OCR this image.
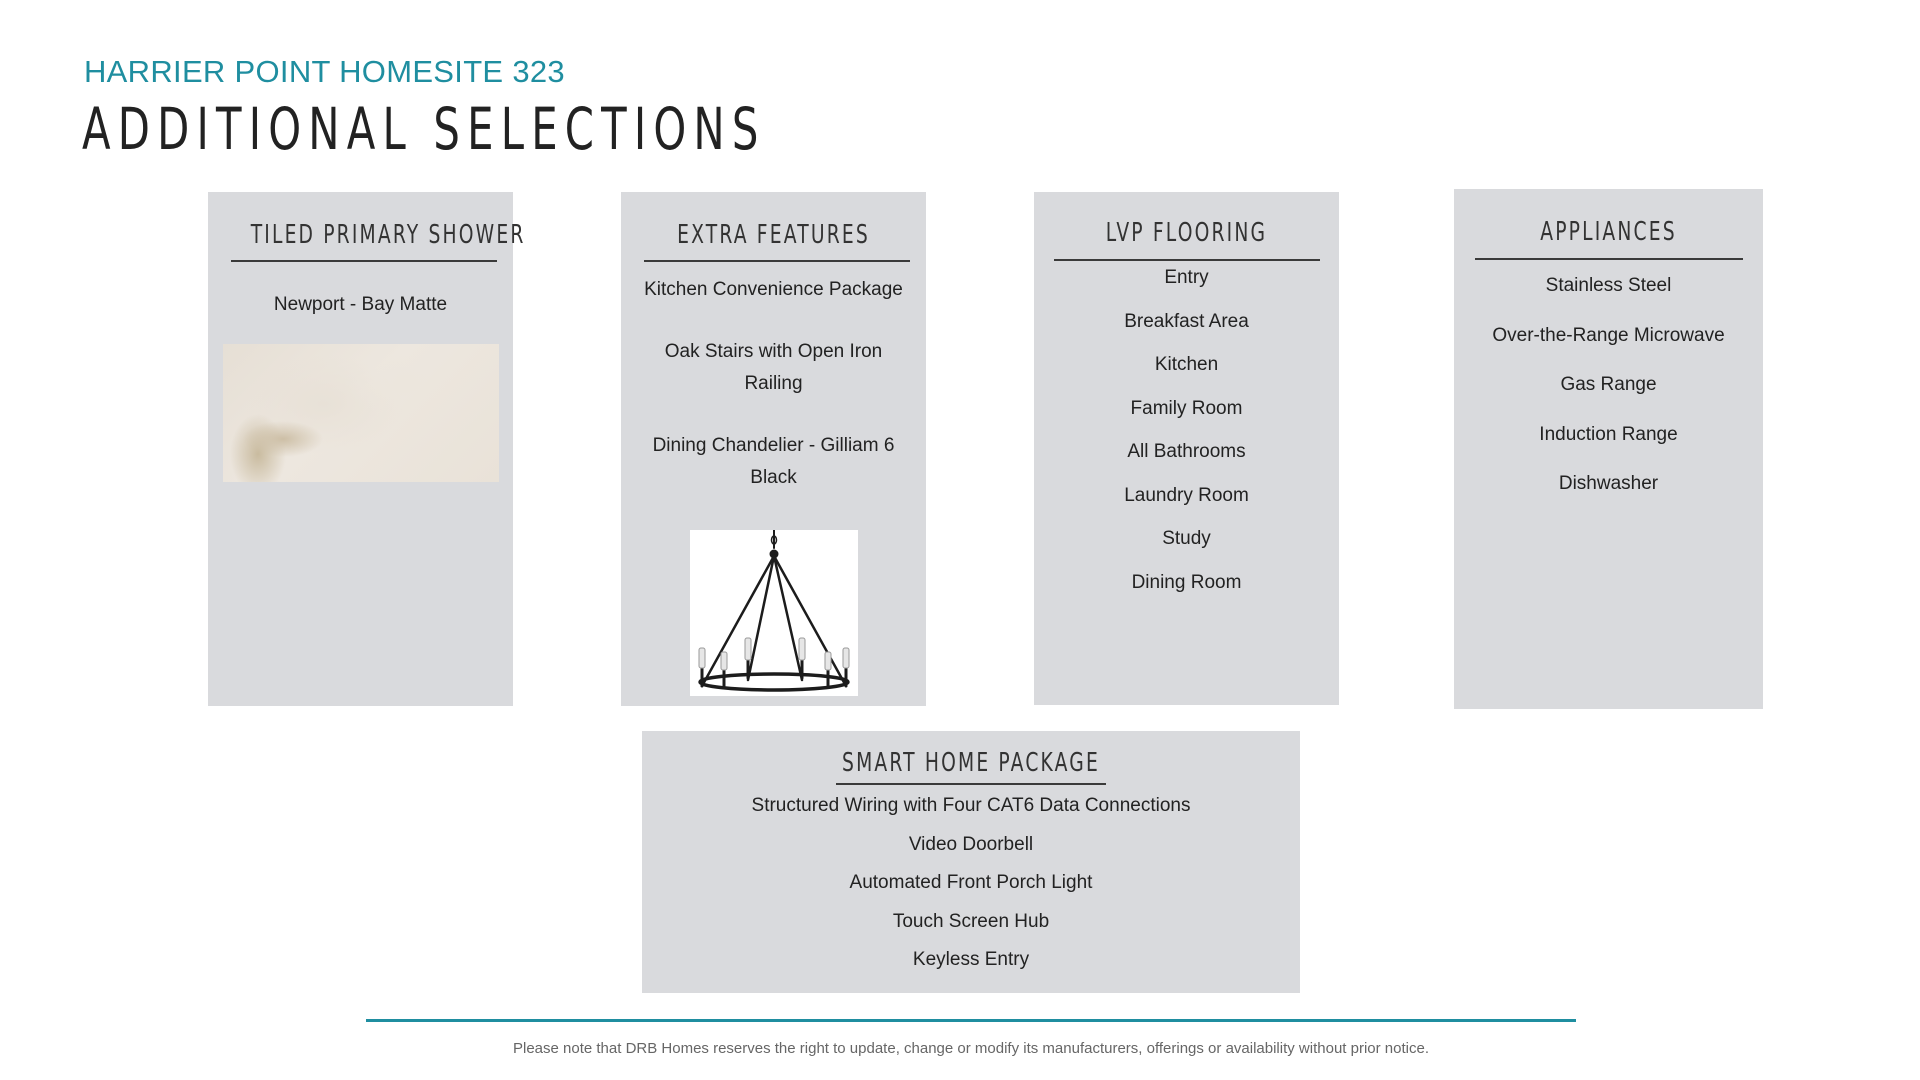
HARRIER POINT HOMESITE 323
ADDITIONAL SELECTIONS
TILED PRIMARY SHOWER
Newport - Bay Matte
EXTRA FEATURES
Kitchen Convenience Package
Oak Stairs with Open Iron Railing
Dining Chandelier - Gilliam 6 Black
LVP FLOORING
Entry
Breakfast Area
Kitchen
Family Room
All Bathrooms
Laundry Room
Study
Dining Room
APPLIANCES
Stainless Steel
Over-the-Range Microwave
Gas Range
Induction Range
Dishwasher
SMART HOME PACKAGE
Structured Wiring with Four CAT6 Data Connections
Video Doorbell
Automated Front Porch Light
Touch Screen Hub
Keyless Entry

Please note that DRB Homes reserves the right to update, change or modify its manufacturers, offerings or availability without prior notice.
